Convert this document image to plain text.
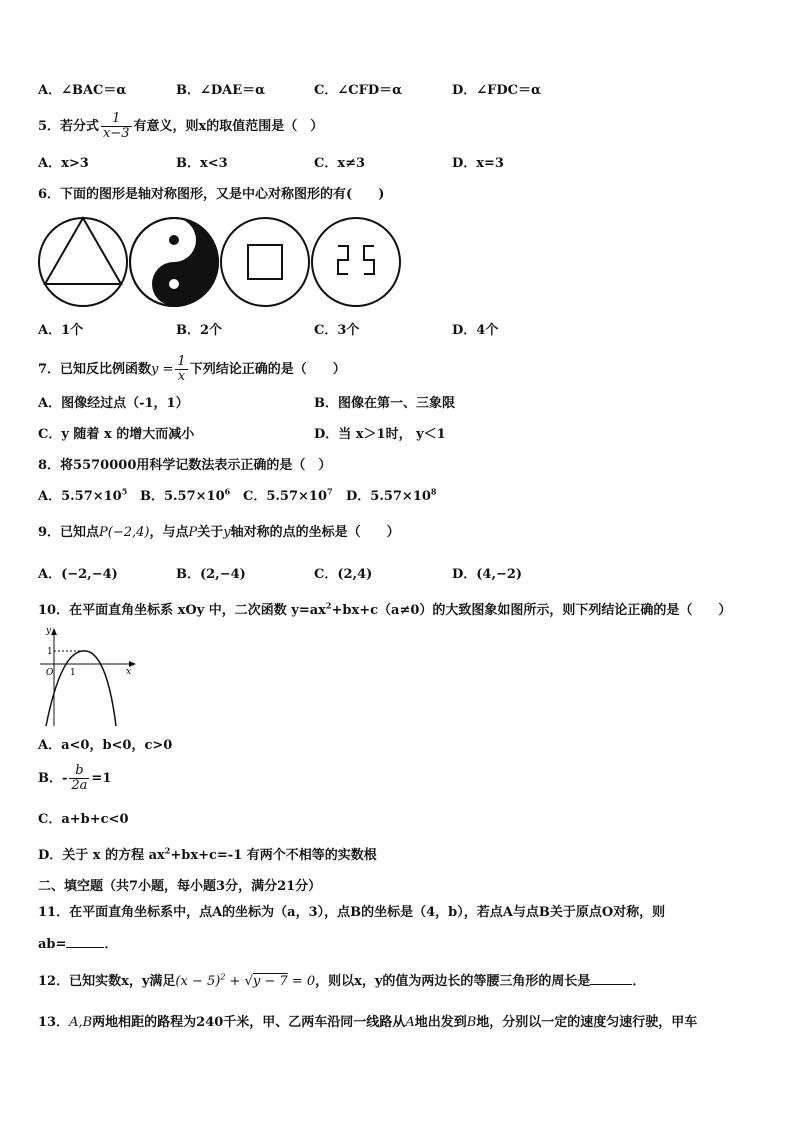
A．∠BAC＝α	B．∠DAE＝α	C．∠CFD＝α	D．∠FDC＝α
5．若分式 $\frac{1}{x-3}$ 有意义，则x的取值范围是（　）
A．x>3	B．x<3	C．x≠3	D．x=3
6．下面的图形是轴对称图形，又是中心对称图形的有(　　)
A．1个	B．2个	C．3个	D．4个
7．已知反比例函数$y = \frac{1}{x}$ 下列结论正确的是（　　）
A．图像经过点（-1，1）	B．图像在第一、三象限
C．y 随着 x 的增大而减小	D．当 x＞1时， y＜1
8．将5570000用科学记数法表示正确的是（　）
A．$5.57\times 10^5$ B．$5.57\times 10^6$ C．$5.57\times 10^7$ D．$5.57\times 10^8$
9．已知点P(−2,4)，与点P关于y轴对称的点的坐标是（　　）
A．(−2,−4)	B．(2,−4)	C．(2,4)	D．(4,−2)
10．在平面直角坐标系 xOy 中，二次函数 $y=ax^2+bx+c(a\ne 0)$的大致图象如图所示，则下列结论正确的是（　　）
y
x
O 1
1
A．a<0，b<0，c>0
B．- $\frac{b}{2a} =1$
C．a+b+c<0
D．关于 x 的方程 $ax^2+bx+c=-1$ 有两个不相等的实数根
二、填空题（共7小题，每小题3分，满分21分）
11．在平面直角坐标系中，点A的坐标为（a，3），点B的坐标是（4，b），若点A与点B关于原点O对称，则
ab=	．
12．已知实数x，y满足$(x - 5)^2 + √y - 7 = 0$，则以x，y的值为两边长的等腰三角形的周长是	．
13．A,B两地相距的路程为240千米，甲、乙两车沿同一线路从A地出发到B地，分别以一定的速度匀速行驶，甲车
